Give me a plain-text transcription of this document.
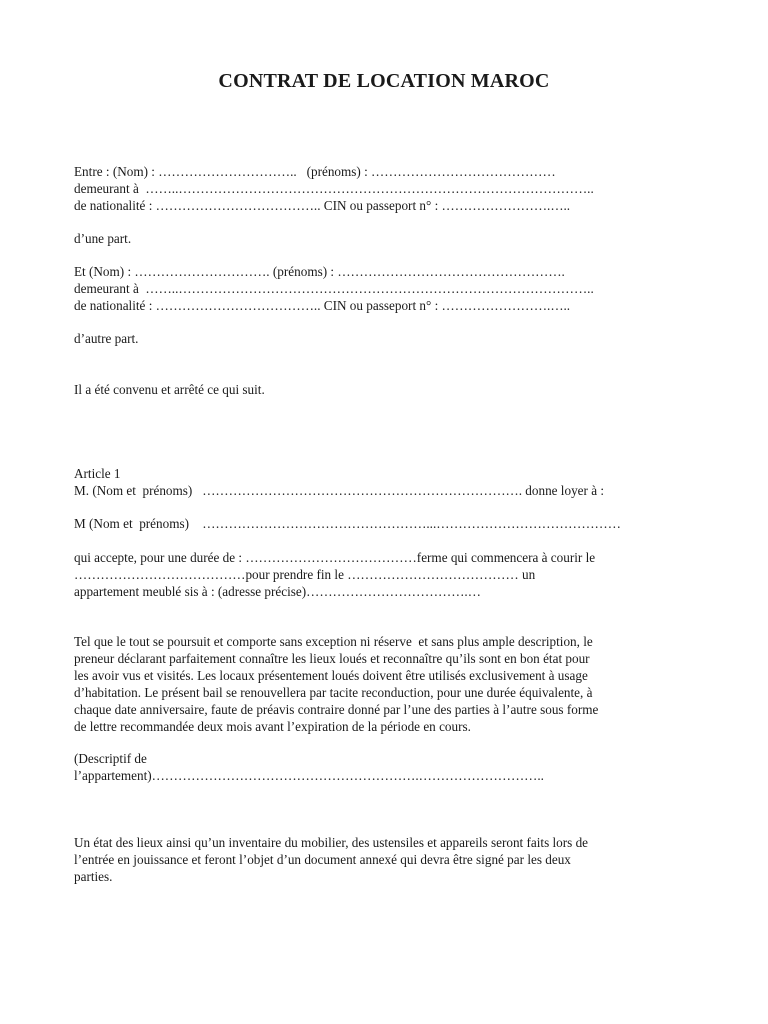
CONTRAT DE LOCATION MAROC
Entre : (Nom) : …………………………..   (prénoms) : ……………………………………
demeurant à  ……..…………………………………………………………………………………..
de nationalité : ……………………………….. CIN ou passeport n° : …………………….…..
d’une part.
Et (Nom) : …………………………. (prénoms) : …………………………………………….
demeurant à  ……..…………………………………………………………………………………..
de nationalité : ……………………………….. CIN ou passeport n° : …………………….…..
d’autre part.
Il a été convenu et arrêté ce qui suit.
Article 1
M. (Nom et  prénoms)   ………………………………………………………………. donne loyer à :
M (Nom et  prénoms)    ……………………………………………...……………………………………
qui accepte, pour une durée de : …………………………………ferme qui commencera à courir le
…………………………………pour prendre fin le ………………………………… un
appartement meublé sis à : (adresse précise)……………………………….…
Tel que le tout se poursuit et comporte sans exception ni réserve  et sans plus ample description, le
preneur déclarant parfaitement connaître les lieux loués et reconnaître qu’ils sont en bon état pour
les avoir vus et visités. Les locaux présentement loués doivent être utilisés exclusivement à usage
d’habitation. Le présent bail se renouvellera par tacite reconduction, pour une durée équivalente, à
chaque date anniversaire, faute de préavis contraire donné par l’une des parties à l’autre sous forme
de lettre recommandée deux mois avant l’expiration de la période en cours.
(Descriptif de
l’appartement)…………………………………………………….………………………..
Un état des lieux ainsi qu’un inventaire du mobilier, des ustensiles et appareils seront faits lors de
l’entrée en jouissance et feront l’objet d’un document annexé qui devra être signé par les deux
parties.
